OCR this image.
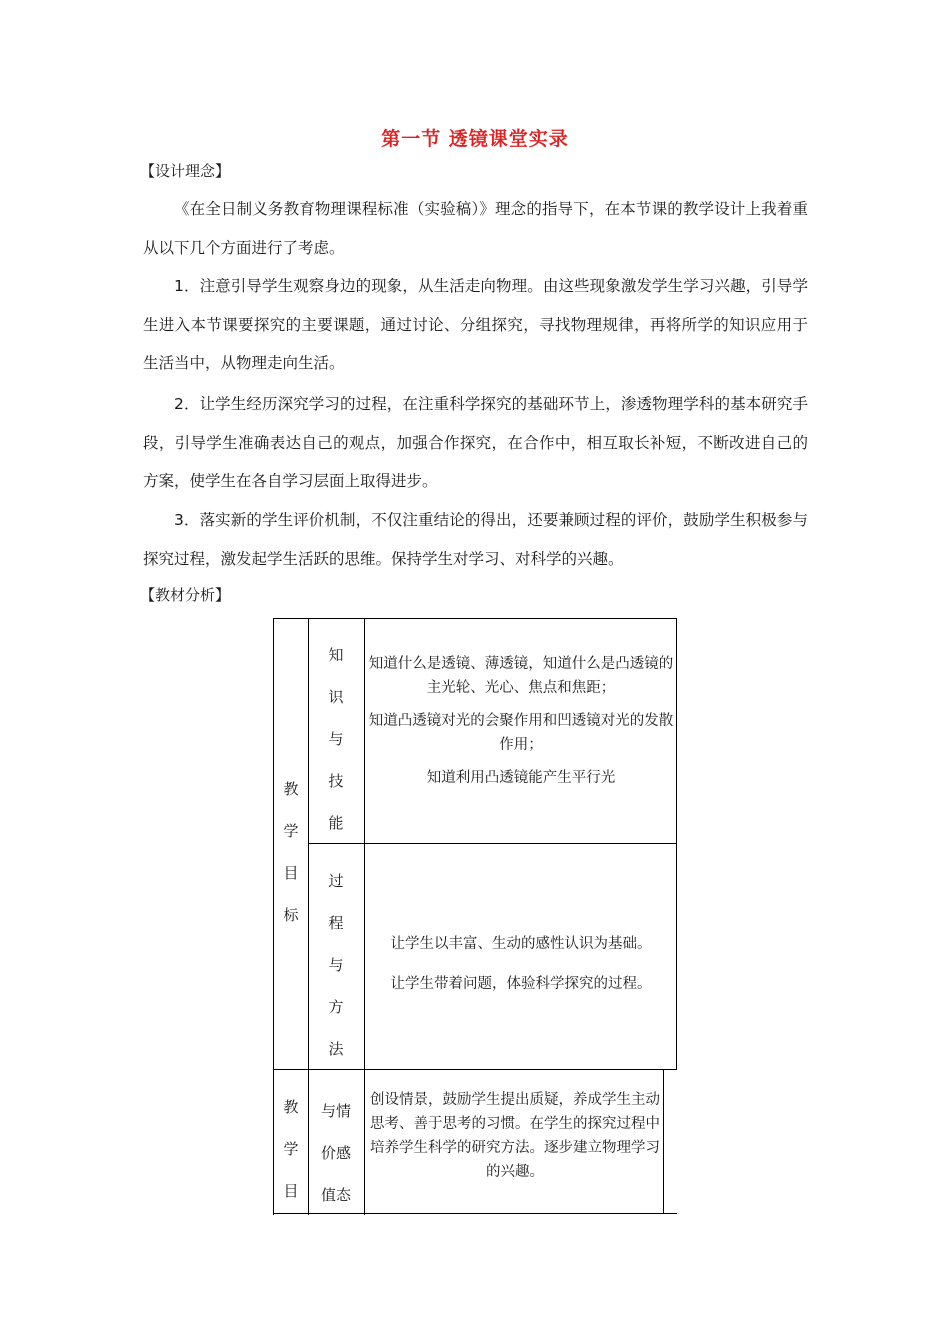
第一节 透镜课堂实录
【设计理念】
《在全日制义务教育物理课程标准（实验稿）》理念的指导下，在本节课的教学设计上我着重从以下几个方面进行了考虑。
1．注意引导学生观察身边的现象，从生活走向物理。由这些现象激发学生学习兴趣，引导学生进入本节课要探究的主要课题，通过讨论、分组探究，寻找物理规律，再将所学的知识应用于生活当中，从物理走向生活。
2．让学生经历深究学习的过程，在注重科学探究的基础环节上，渗透物理学科的基本研究手段，引导学生准确表达自己的观点，加强合作探究，在合作中，相互取长补短，不断改进自己的方案，使学生在各自学习层面上取得进步。
3．落实新的学生评价机制，不仅注重结论的得出，还要兼顾过程的评价，鼓励学生积极参与探究过程，激发起学生活跃的思维。保持学生对学习、对科学的兴趣。
【教材分析】
教
学
目
标
教
学
目
知
识
与
技
能

知道什么是透镜、薄透镜，知道什么是凸透镜的主光轮、光心、焦点和焦距；

知道凸透镜对光的会聚作用和凹透镜对光的发散作用；

知道利用凸透镜能产生平行光

过
程
与
方
法

让学生以丰富、生动的感性认识为基础。

让学生带着问题，体验科学探究的过程。

与情
价感
值态
创设情景，鼓励学生提出质疑，养成学生主动思考、善于思考的习惯。在学生的探究过程中培养学生科学的研究方法。逐步建立物理学习的兴趣。
